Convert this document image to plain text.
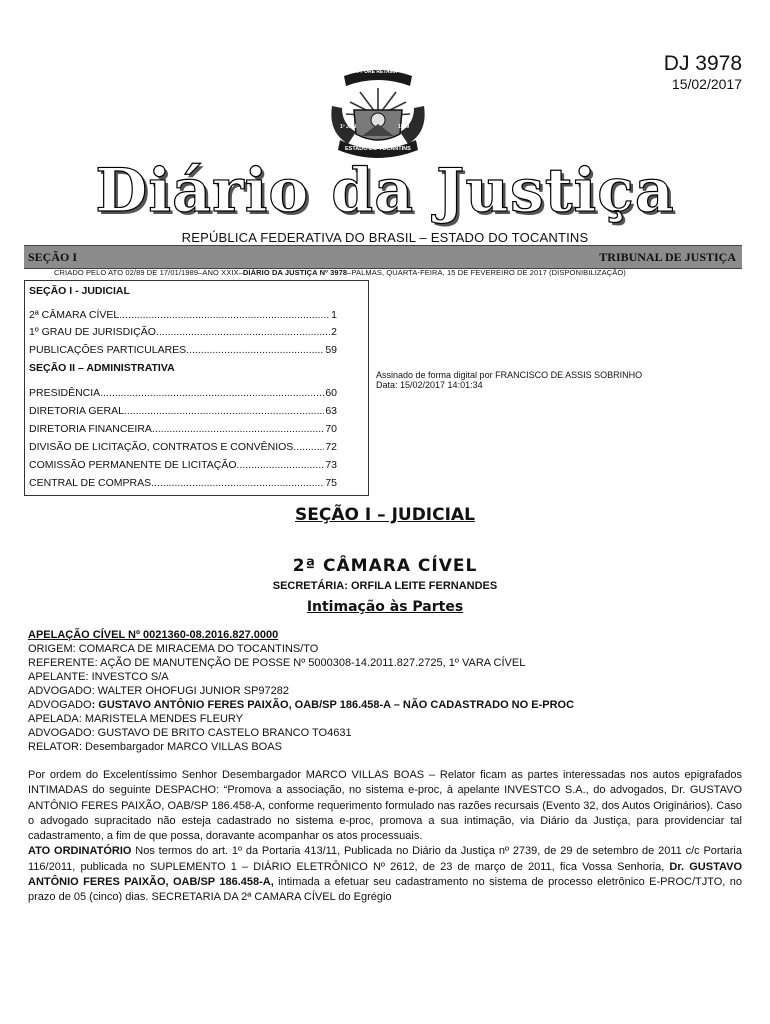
DJ 3978
15/02/2017
CO YVY ORE RETAMA
1º JAN	1989
ESTADO DO TOCANTINS
Diário da Justiça
REPÚBLICA FEDERATIVA DO BRASIL – ESTADO DO TOCANTINS
SEÇÃO I	TRIBUNAL DE JUSTIÇA
CRIADO PELO ATO 02/89 DE 17/01/1989–ANO XXIX–DIÁRIO DA JUSTIÇA Nº 3978–PALMAS, QUARTA-FEIRA, 15 DE FEVEREIRO DE 2017 (DISPONIBILIZAÇÃO)
SEÇÃO I - JUDICIAL
2ª CÂMARA CÍVEL .....	1
1º GRAU DE JURISDIÇÃO .....	2
PUBLICAÇÕES PARTICULARES .....	59
SEÇÃO II – ADMINISTRATIVA
PRESIDÊNCIA .....	60
DIRETORIA GERAL .....	63
DIRETORIA FINANCEIRA .....	70
DIVISÃO DE LICITAÇÃO, CONTRATOS E CONVÊNIOS .....	72
COMISSÃO PERMANENTE DE LICITAÇÃO .....	73
CENTRAL DE COMPRAS .....	75
Assinado de forma digital por FRANCISCO DE ASSIS SOBRINHO
Data: 15/02/2017 14:01:34
SEÇÃO I – JUDICIAL
2ª CÂMARA CÍVEL
SECRETÁRIA: ORFILA LEITE FERNANDES
Intimação às Partes
APELAÇÃO CÍVEL Nº 0021360-08.2016.827.0000
ORIGEM: COMARCA DE MIRACEMA DO TOCANTINS/TO
REFERENTE: AÇÃO DE MANUTENÇÃO DE POSSE Nº 5000308-14.2011.827.2725, 1º VARA CÍVEL
APELANTE: INVESTCO S/A
ADVOGADO: WALTER OHOFUGI JUNIOR SP97282
ADVOGADO: GUSTAVO ANTÔNIO FERES PAIXÃO, OAB/SP 186.458-A – NÃO CADASTRADO NO E-PROC
APELADA: MARISTELA MENDES FLEURY
ADVOGADO: GUSTAVO DE BRITO CASTELO BRANCO TO4631
RELATOR: Desembargador MARCO VILLAS BOAS

Por ordem do Excelentíssimo Senhor Desembargador MARCO VILLAS BOAS – Relator ficam as partes interessadas nos autos epigrafados INTIMADAS do seguinte DESPACHO: “Promova a associação, no sistema e-proc, à apelante INVESTCO S.A., do advogados, Dr. GUSTAVO ANTÔNIO FERES PAIXÃO, OAB/SP 186.458-A, conforme requerimento formulado nas razões recursais (Evento 32, dos Autos Originários). Caso o advogado supracitado não esteja cadastrado no sistema e-proc, promova a sua intimação, via Diário da Justiça, para providenciar tal cadastramento, a fim de que possa, doravante acompanhar os atos processuais.

ATO ORDINATÓRIO Nos termos do art. 1º da Portaria 413/11, Publicada no Diário da Justiça nº 2739, de 29 de setembro de 2011 c/c Portaria 116/2011, publicada no SUPLEMENTO 1 – DIÁRIO ELETRÔNICO Nº 2612, de 23 de março de 2011, fica Vossa Senhoria, Dr. GUSTAVO ANTÔNIO FERES PAIXÃO, OAB/SP 186.458-A, intimada a efetuar seu cadastramento no sistema de processo eletrônico E-PROC/TJTO, no prazo de 05 (cinco) dias. SECRETARIA DA 2ª CAMARA CÍVEL do Egrégio
